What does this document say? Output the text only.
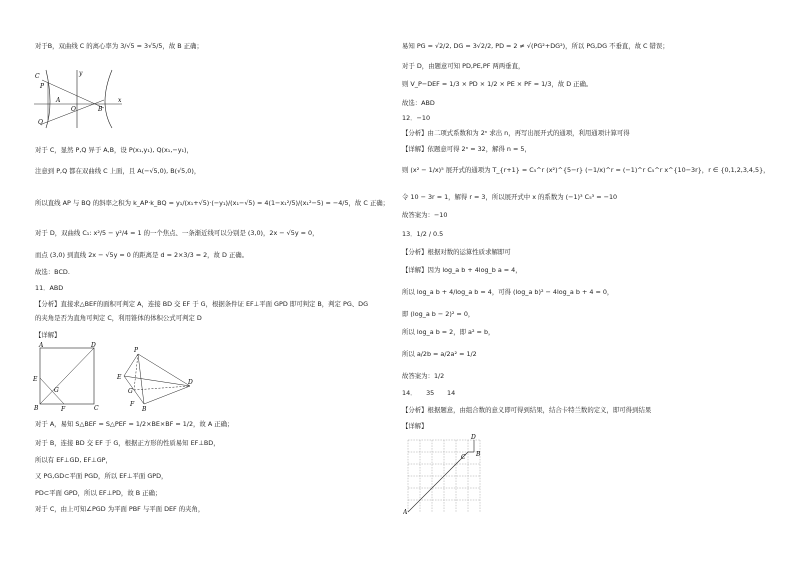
对于B，双曲线 C 的离心率为 3/√5 = 3√5/5，故 B 正确；
C
P
A
O	B
Q
x
y
对于 C，显然 P,Q 异于 A,B，设 P(x₁,y₁), Q(x₁,−y₁)，
注意到 P,Q 都在双曲线 C 上面，且 A(−√5,0), B(√5,0)，
所以直线 AP 与 BQ 的斜率之积为 k_AP·k_BQ = y₁/(x₁+√5)·(−y₁)/(x₁−√5) = 4(1−x₁²/5)/(x₁²−5) = −4/5，故 C 正确；
对于 D，双曲线 C₁: x²/5 − y²/4 = 1 的一个焦点、一条渐近线可以分别是 (3,0)，2x − √5y = 0，
而点 (3,0) 到直线 2x − √5y = 0 的距离是 d = 2×3/3 = 2，故 D 正确。
故选：BCD.
11．ABD
【分析】直接求△BEF的面积可判定 A，连接 BD 交 EF 于 G，根据条件证 EF⊥平面 GPD 即可判定 B，判定 PG、DG
的夹角是否为直角可判定 C，利用锥体的体积公式可判定 D
【详解】
A	D
E
G
B	F	C
P
D
E
G
B
F
对于 A，易知 S△BEF = S△PEF = 1/2×BE×BF = 1/2，故 A 正确；
对于 B，连接 BD 交 EF 于 G，根据正方形的性质易知 EF⊥BD，
所以有 EF⊥GD, EF⊥GP，
又 PG,GD⊂平面 PGD，所以 EF⊥平面 GPD，
PD⊂平面 GPD，所以 EF⊥PD，故 B 正确；
对于 C，由上可知∠PGD 为平面 PBF 与平面 DEF 的夹角，
易知 PG = √2/2, DG = 3√2/2, PD = 2 ≠ √(PG²+DG²)，所以 PG,DG 不垂直，故 C 错误；
对于 D，由题意可知 PD,PE,PF 两两垂直，
则 V_P−DEF = 1/3 × PD × 1/2 × PE × PF = 1/3，故 D 正确。
故选：ABD
12．−10
【分析】由二项式系数和为 2ⁿ 求出 n，再写出展开式的通项，利用通项计算可得
【详解】依题意可得 2ⁿ = 32，解得 n = 5，
则 (x² − 1/x)⁵ 展开式的通项为 T_{r+1} = C₅^r (x²)^{5−r} (−1/x)^r = (−1)^r C₅^r x^{10−3r}，r ∈ {0,1,2,3,4,5}，
令 10 − 3r = 1，解得 r = 3，所以展开式中 x 的系数为 (−1)³ C₅³ = −10
故答案为：−10
13．1/2 / 0.5
【分析】根据对数的运算性质求解即可
【详解】因为 log_a b + 4log_b a = 4，
所以 log_a b + 4/log_a b = 4，可得 (log_a b)² − 4log_a b + 4 = 0，
即 (log_a b − 2)² = 0，
所以 log_a b = 2，即 a² = b，
所以 a/2b = a/2a² = 1/2
故答案为：1/2
14．　　35　　14
【分析】根据题意，由组合数的意义即可得到结果，结合卡特兰数的定义，即可得到结果
【详解】
D
C B
A
